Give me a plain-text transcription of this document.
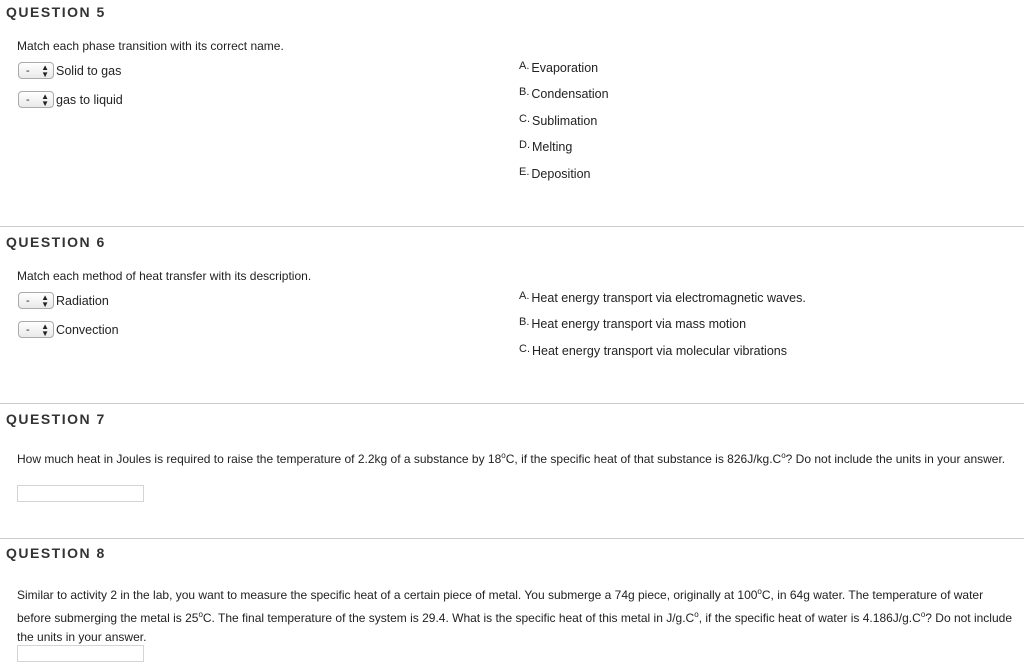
QUESTION 5
Match each phase transition with its correct name.
- ▲
▼ Solid to gas
- ▲
▼ gas to liquid
A. Evaporation
B. Condensation
C. Sublimation
D. Melting
E. Deposition
QUESTION 6
Match each method of heat transfer with its description.
- ▲
▼ Radiation
- ▲
▼ Convection
A. Heat energy transport via electromagnetic waves.
B. Heat energy transport via mass motion
C. Heat energy transport via molecular vibrations
QUESTION 7
How much heat in Joules is required to raise the temperature of 2.2kg of a substance by 18$^o$C, if the specific heat of that substance is $826J/kg.C^o$? Do not include the units in your answer.
QUESTION 8
Similar to activity 2 in the lab, you want to measure the specific heat of a certain piece of metal. You submerge a 74g piece, originally at 100$^o$C, in 64g water. The temperature of water before submerging the metal is 25$^o$C. The final temperature of the system is 29.4. What is the specific heat of this metal in $J/g.C^o$, if the specific heat of water is $4.186J/g.C^o$? Do not include the units in your answer.
